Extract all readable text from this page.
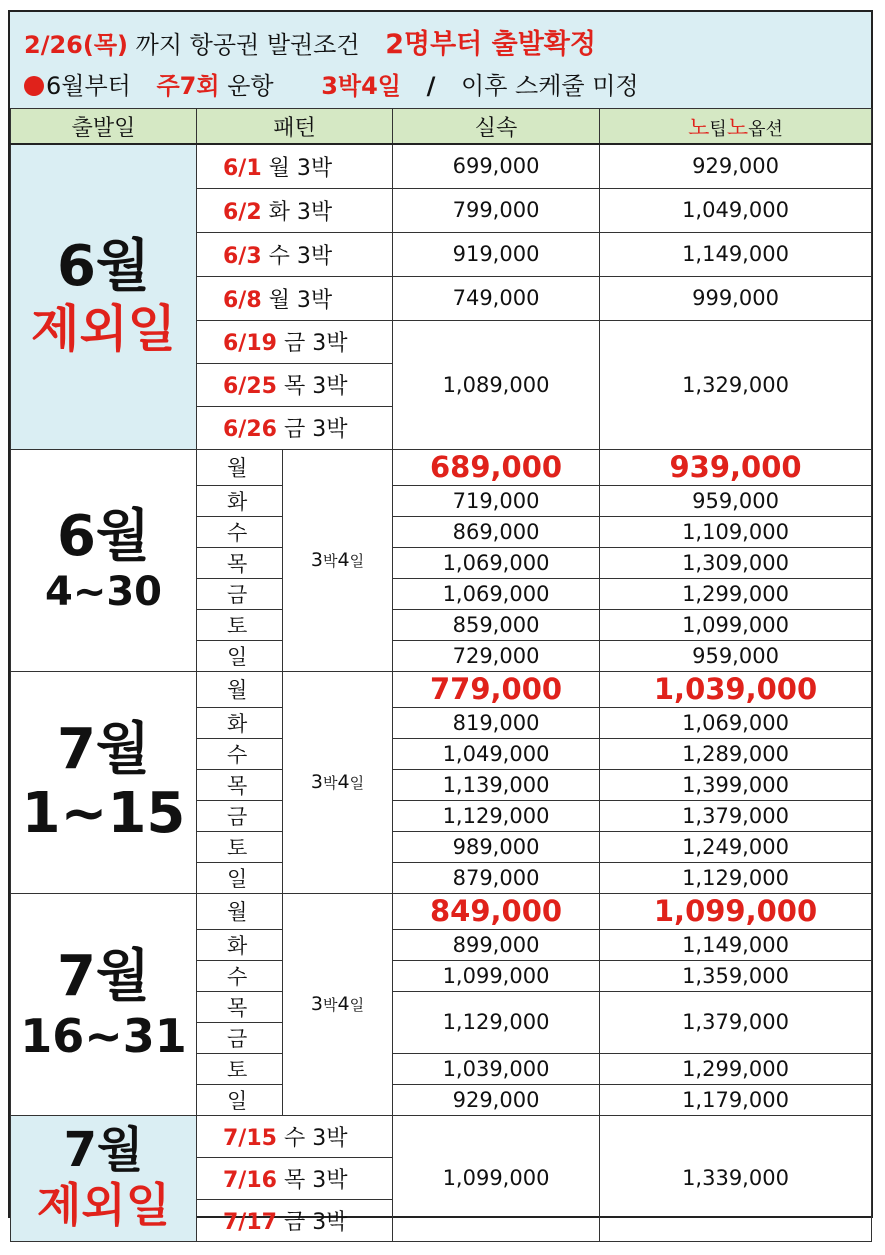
2/26(목) 까지 항공권 발권조건 2명부터 출발확정
6월부터 주7회 운항 3박4일 / 이후 스케줄 미정
출발일	패턴		실속	노팁노옵션

6월
제외일	6/1 월 3박		699,000	929,000
	6/2 화 3박		799,000	1,049,000
	6/3 수 3박		919,000	1,149,000
	6/8 월 3박		749,000	999,000
	6/19 금 3박		1,089,000	1,329,000
	6/25 목 3박			
	6/26 금 3박			

6월
4~30	월	3박4일	689,000	939,000
	화		719,000	959,000
	수		869,000	1,109,000
	목		1,069,000	1,309,000
	금		1,069,000	1,299,000
	토		859,000	1,099,000
	일		729,000	959,000

7월
1~15	월	3박4일	779,000	1,039,000
	화		819,000	1,069,000
	수		1,049,000	1,289,000
	목		1,139,000	1,399,000
	금		1,129,000	1,379,000
	토		989,000	1,249,000
	일		879,000	1,129,000

7월
16~31	월	3박4일	849,000	1,099,000
	화		899,000	1,149,000
	수		1,099,000	1,359,000
	목		1,129,000	1,379,000
	금			
	토		1,039,000	1,299,000
	일		929,000	1,179,000

7월
제외일	7/15 수 3박		1,099,000	1,339,000
	7/16 목 3박			
	7/17 금 3박			
